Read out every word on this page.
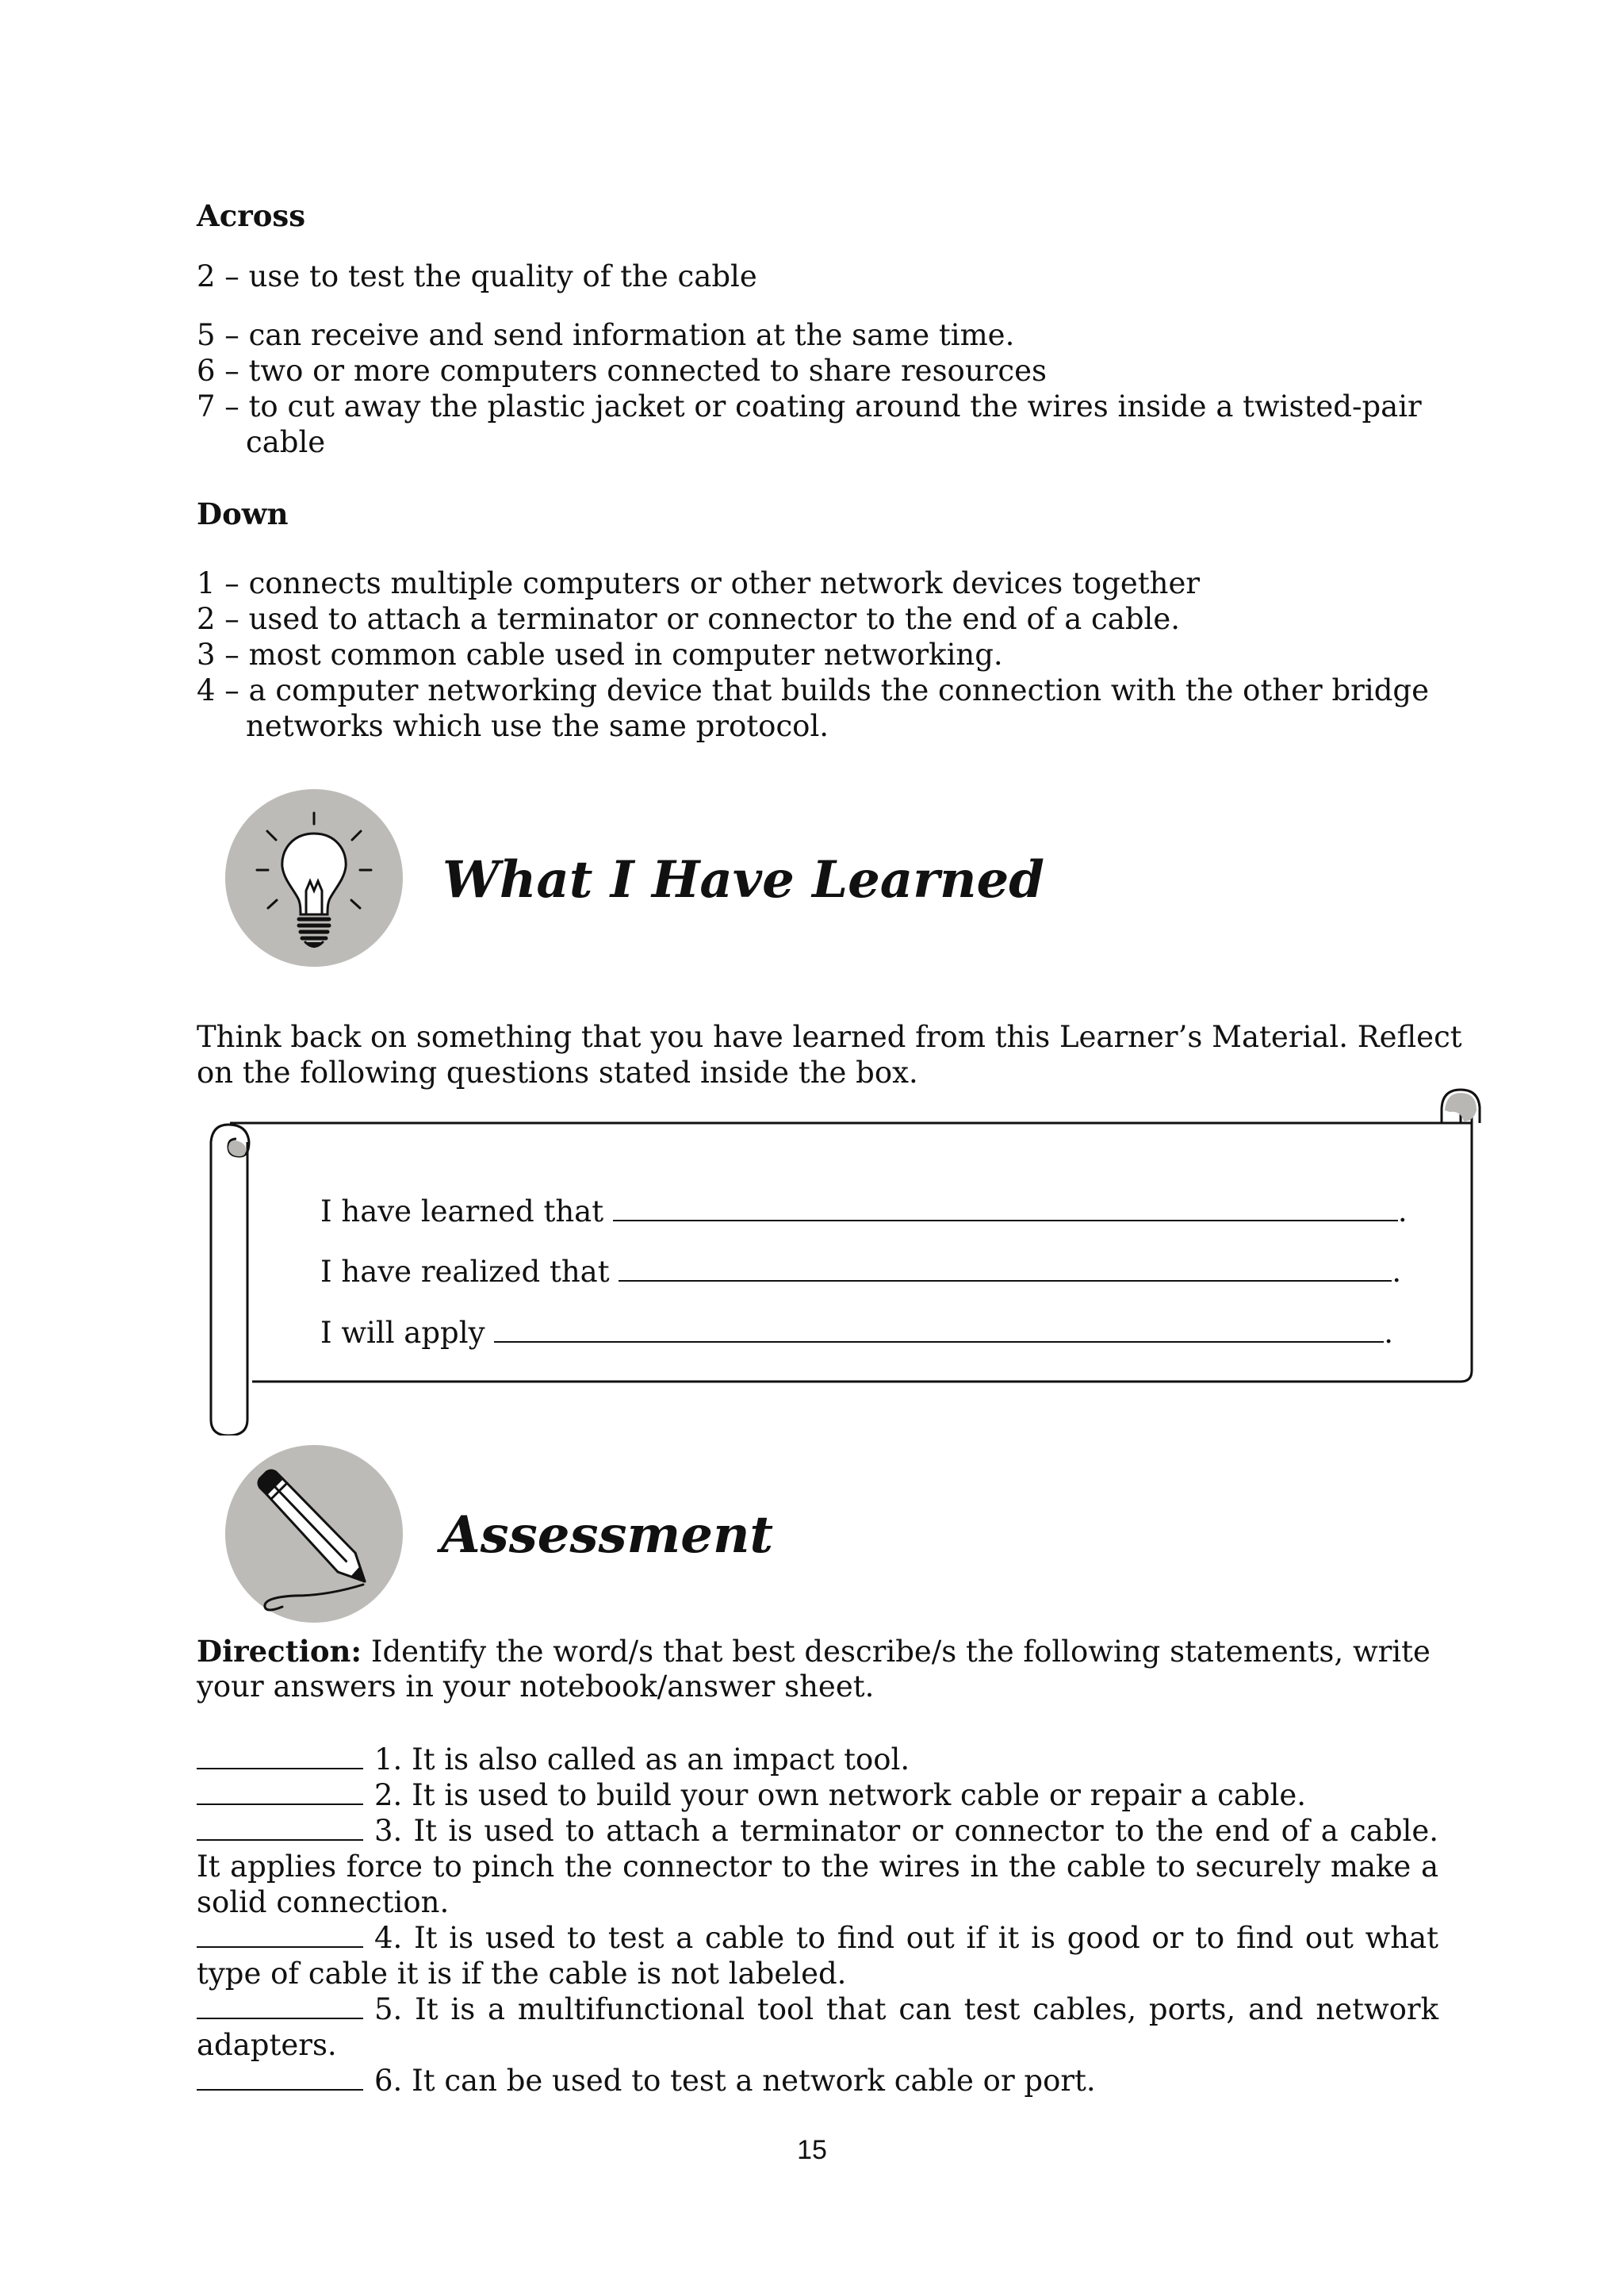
Across
2 – use to test the quality of the cable
5 – can receive and send information at the same time.
6 – two or more computers connected to share resources
7 – to cut away the plastic jacket or coating around the wires inside a twisted-pair
cable
Down
1 – connects multiple computers or other network devices together
2 – used to attach a terminator or connector to the end of a cable.
3 – most common cable used in computer networking.
4 – a computer networking device that builds the connection with the other bridge
networks which use the same protocol.
What I Have Learned
Think back on something that you have learned from this Learner’s Material. Reflect
on the following questions stated inside the box.
I have learned that	.
I have realized that	.
I will apply	.
Assessment
Direction: Identify the word/s that best describe/s the following statements, write
your answers in your notebook/answer sheet.
1. It is also called as an impact tool.
2. It is used to build your own network cable or repair a cable.
3. It is used to attach a terminator or connector to the end of a cable. It applies force to pinch the connector to the wires in the cable to securely make a solid connection.
4. It is used to test a cable to find out if it is good or to find out what type of cable it is if the cable is not labeled.
5. It is a multifunctional tool that can test cables, ports, and network adapters.
6. It can be used to test a network cable or port.
15
